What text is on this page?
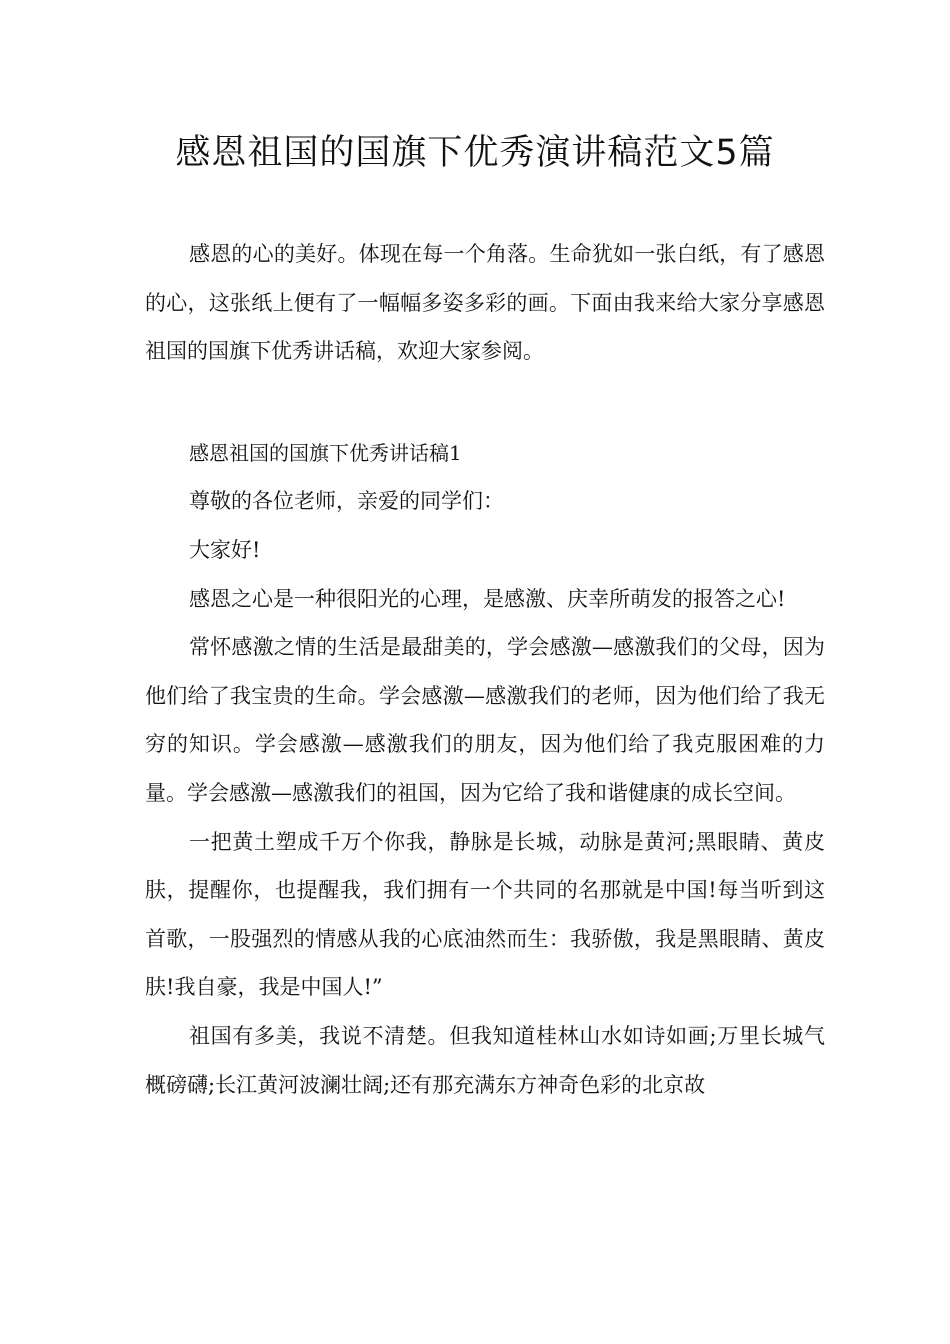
感恩祖国的国旗下优秀演讲稿范文5篇

感恩的心的美好。体现在每一个角落。生命犹如一张白纸，有了感恩的心，这张纸上便有了一幅幅多姿多彩的画。下面由我来给大家分享感恩祖国的国旗下优秀讲话稿，欢迎大家参阅。

感恩祖国的国旗下优秀讲话稿1

尊敬的各位老师，亲爱的同学们：

大家好!

感恩之心是一种很阳光的心理，是感激、庆幸所萌发的报答之心!

常怀感激之情的生活是最甜美的，学会感激—感激我们的父母，因为他们给了我宝贵的生命。学会感激—感激我们的老师，因为他们给了我无穷的知识。学会感激—感激我们的朋友，因为他们给了我克服困难的力量。学会感激—感激我们的祖国，因为它给了我和谐健康的成长空间。

一把黄土塑成千万个你我，静脉是长城，动脉是黄河;黑眼睛、黄皮肤，提醒你，也提醒我，我们拥有一个共同的名那就是中国!每当听到这首歌，一股强烈的情感从我的心底油然而生：我骄傲，我是黑眼睛、黄皮肤!我自豪，我是中国人!”

祖国有多美，我说不清楚。但我知道桂林山水如诗如画;万里长城气概磅礴;长江黄河波澜壮阔;还有那充满东方神奇色彩的北京故
